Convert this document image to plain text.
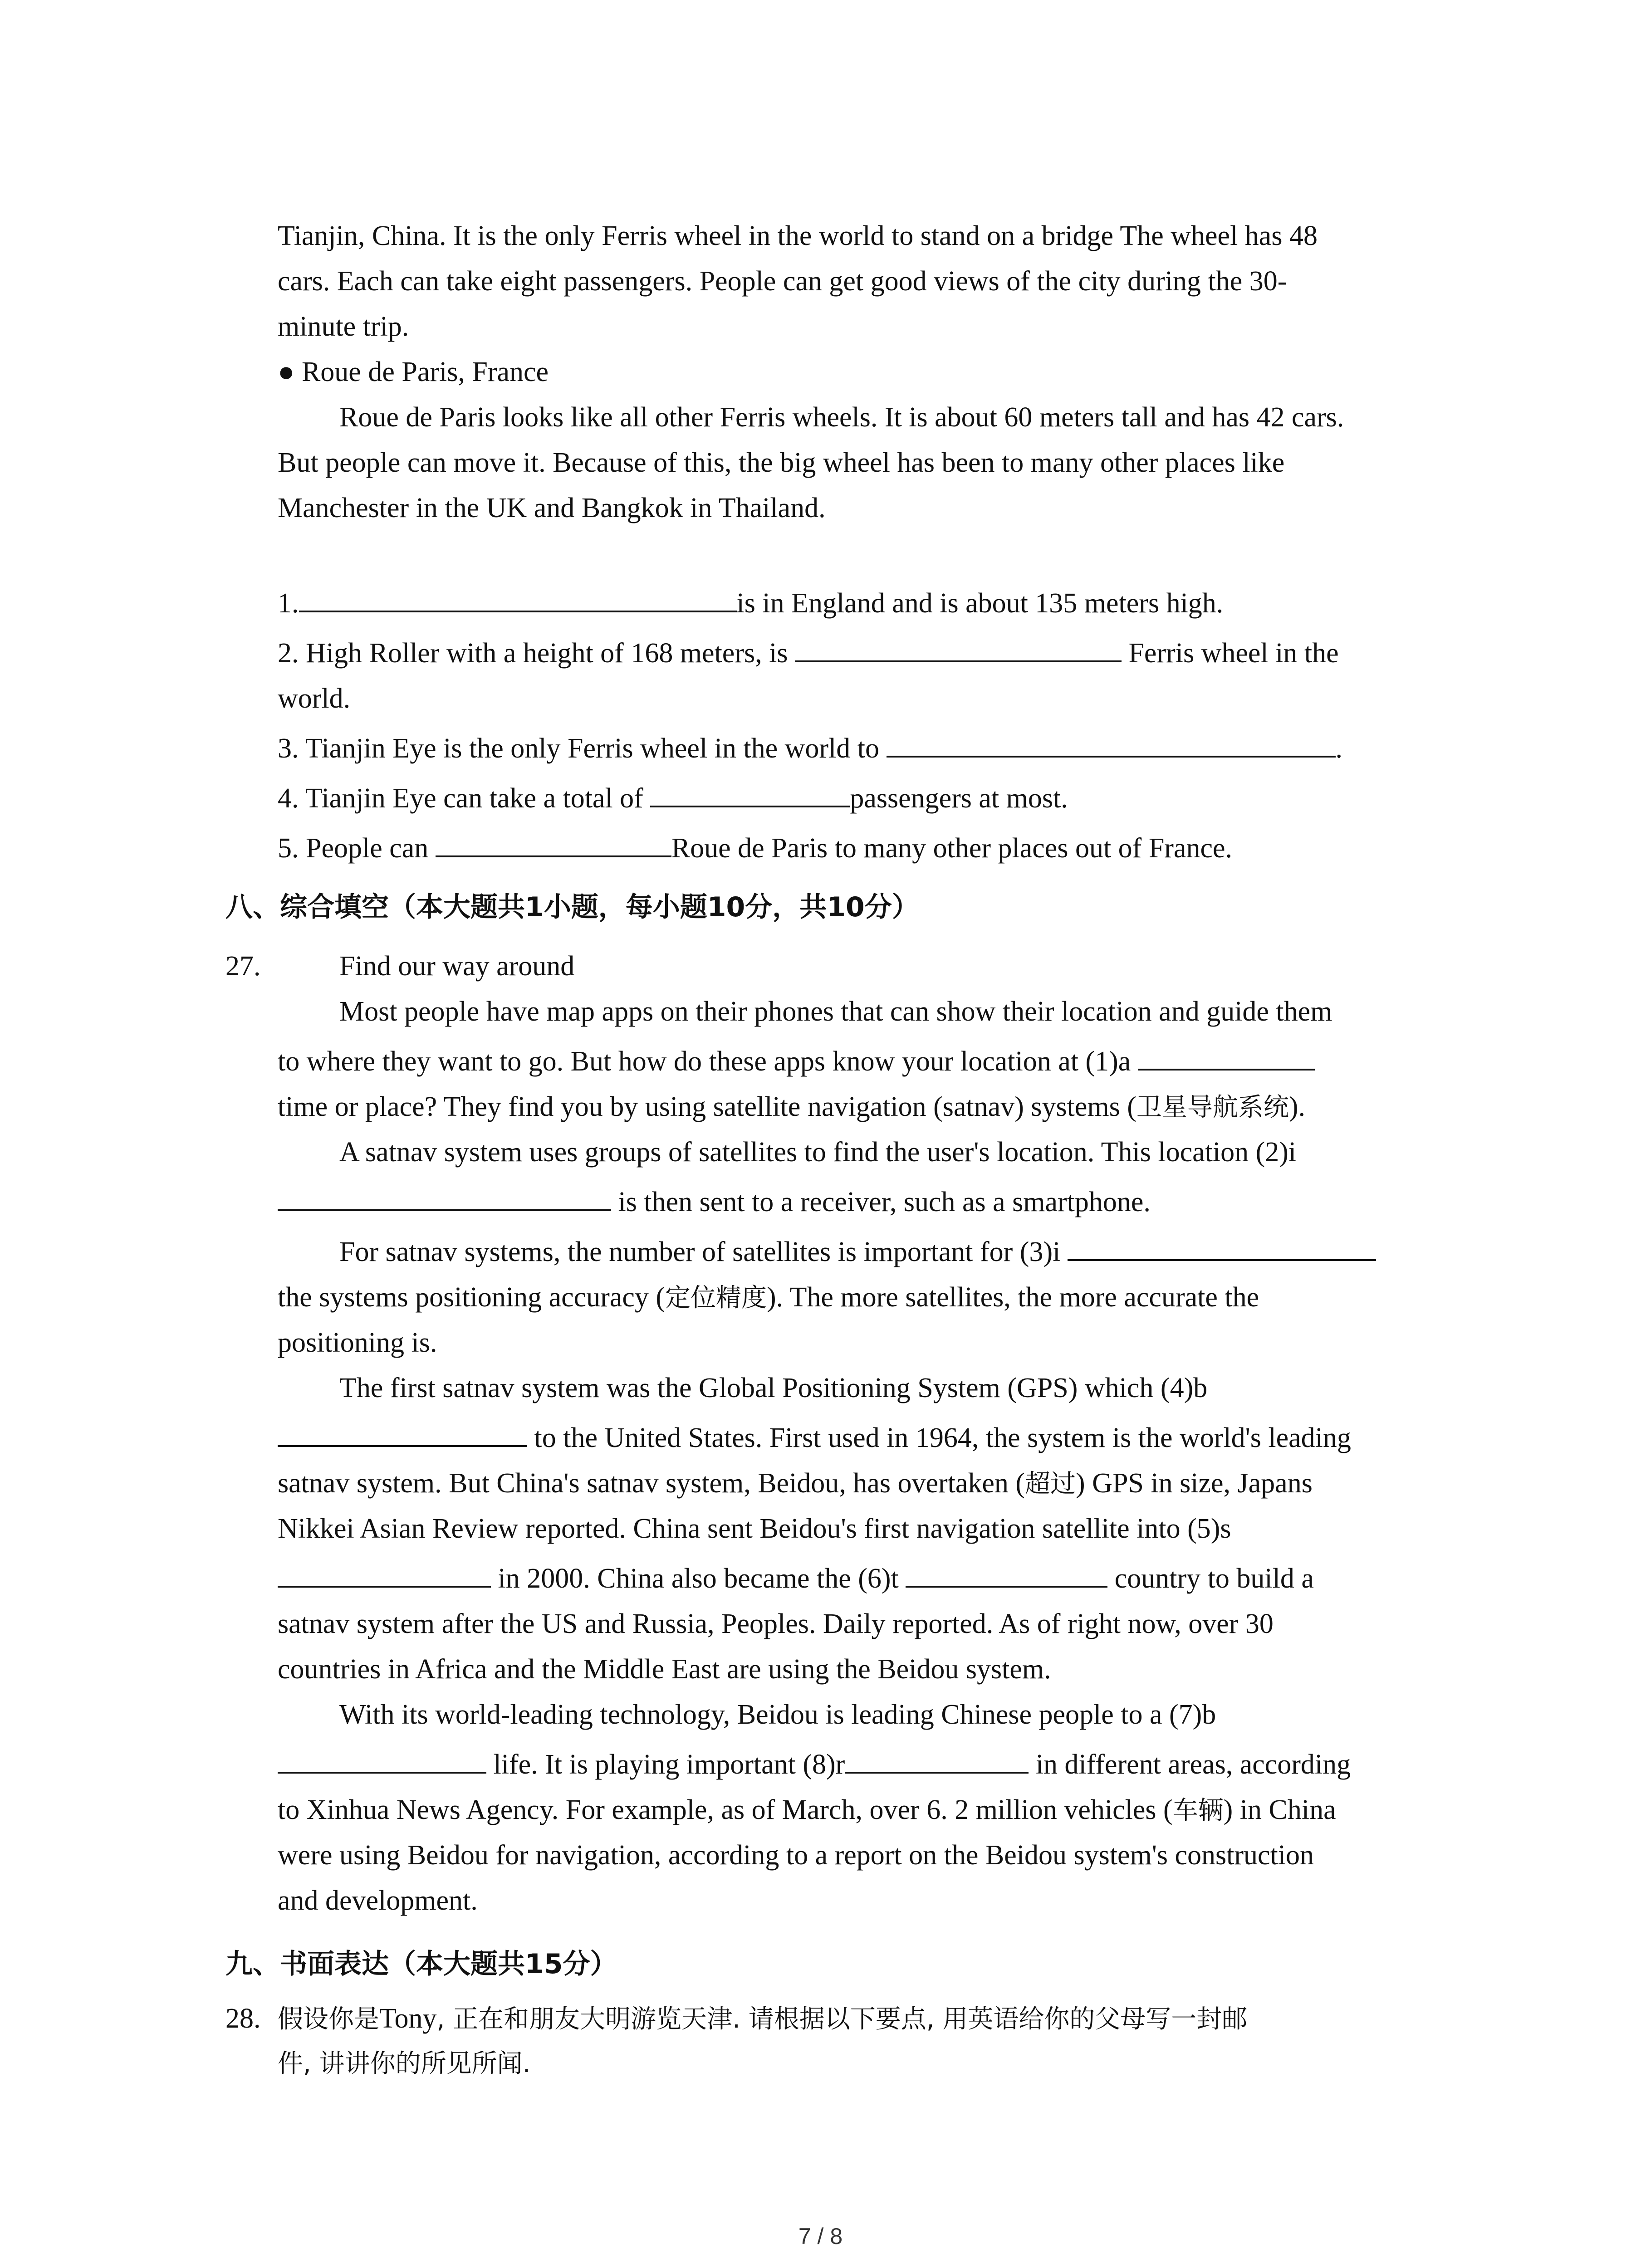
Tianjin, China. It is the only Ferris wheel in the world to stand on a bridge The wheel has 48
cars. Each can take eight passengers. People can get good views of the city during the 30-
minute trip.
● Roue de Paris, France
Roue de Paris looks like all other Ferris wheels. It is about 60 meters tall and has 42 cars.
But people can move it. Because of this, the big wheel has been to many other places like
Manchester in the UK and Bangkok in Thailand.
1.	is in England and is about 135 meters high.
2. High Roller with a height of 168 meters, is	Ferris wheel in the
world.
3. Tianjin Eye is the only Ferris wheel in the world to	.
4. Tianjin Eye can take a total of	passengers at most.
5. People can	Roue de Paris to many other places out of France.
八、综合填空（本大题共1小题，每小题10分，共10分）
27.	Find our way around
Most people have map apps on their phones that can show their location and guide them
to where they want to go. But how do these apps know your location at (1)a
time or place? They find you by using satellite navigation (satnav) systems (卫星导航系统).
A satnav system uses groups of satellites to find the user's location. This location (2)i
is then sent to a receiver, such as a smartphone.
For satnav systems, the number of satellites is important for (3)i
the systems positioning accuracy (定位精度). The more satellites, the more accurate the
positioning is.
The first satnav system was the Global Positioning System (GPS) which (4)b
to the United States. First used in 1964, the system is the world's leading
satnav system. But China's satnav system, Beidou, has overtaken (超过) GPS in size, Japans
Nikkei Asian Review reported. China sent Beidou's first navigation satellite into (5)s
in 2000. China also became the (6)t	country to build a
satnav system after the US and Russia, Peoples. Daily reported. As of right now, over 30
countries in Africa and the Middle East are using the Beidou system.
With its world-leading technology, Beidou is leading Chinese people to a (7)b
life. It is playing important (8)r	in different areas, according
to Xinhua News Agency. For example, as of March, over 6. 2 million vehicles (车辆) in China
were using Beidou for navigation, according to a report on the Beidou system's construction
and development.
九、书面表达（本大题共15分）
28. 假设你是Tony, 正在和朋友大明游览天津. 请根据以下要点, 用英语给你的父母写一封邮
件, 讲讲你的所见所闻.
7 / 8
